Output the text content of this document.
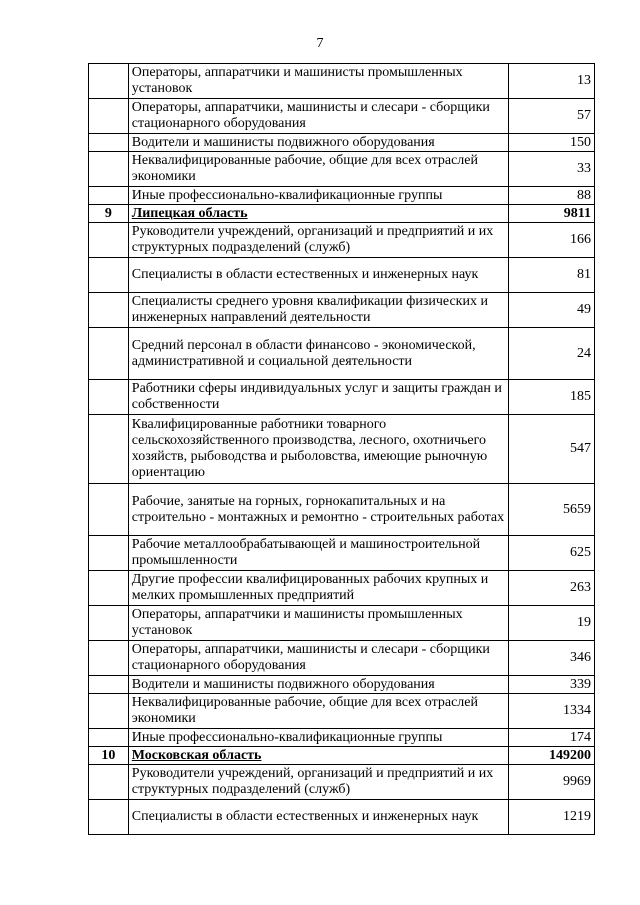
7
	Операторы, аппаратчики и машинисты промышленных установок	13
	Операторы, аппаратчики, машинисты и слесари - сборщики стационарного оборудования	57
	Водители и машинисты подвижного оборудования	150
	Неквалифицированные рабочие, общие для всех отраслей экономики	33
	Иные профессионально-квалификационные группы	88
9	Липецкая область	9811
	Руководители учреждений, организаций и предприятий и их структурных подразделений (служб)	166
	Специалисты в области естественных и инженерных наук	81
	Специалисты среднего уровня квалификации физических и инженерных направлений деятельности	49
	Средний персонал в области финансово - экономической, административной и социальной деятельности	24
	Работники сферы индивидуальных услуг и защиты граждан и собственности	185
	Квалифицированные работники товарного сельскохозяйственного производства, лесного, охотничьего хозяйств, рыбоводства и рыболовства, имеющие рыночную ориентацию	547
	Рабочие, занятые на горных, горнокапитальных и на строительно - монтажных и ремонтно - строительных работах	5659
	Рабочие металлообрабатывающей и машиностроительной промышленности	625
	Другие профессии квалифицированных рабочих крупных и мелких промышленных предприятий	263
	Операторы, аппаратчики и машинисты промышленных установок	19
	Операторы, аппаратчики, машинисты и слесари - сборщики стационарного оборудования	346
	Водители и машинисты подвижного оборудования	339
	Неквалифицированные рабочие, общие для всех отраслей экономики	1334
	Иные профессионально-квалификационные группы	174
10	Московская область	149200
	Руководители учреждений, организаций и предприятий и их структурных подразделений (служб)	9969
	Специалисты в области естественных и инженерных наук	1219
